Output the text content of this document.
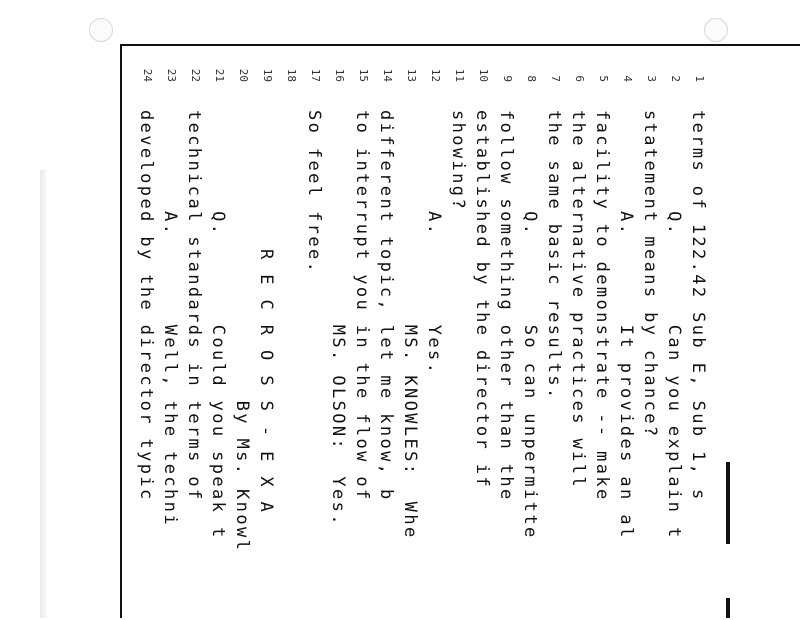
1
terms of 122.42 Sub E, Sub 1, s
2
Q.       Can you explain t
3
statement means by chance?
4
A.       It provides an al
5
facility to demonstrate -- make
6
the alternative practices will
7
the same basic results.
8
Q.       So can unpermitte
9
follow something other than the
10
established by the director if
11
showing?
12
A.       Yes.
13
MS. KNOWLES:  Whe
14
different topic, let me know, b
15
to interrupt you in the flow of
16
MS. OLSON:  Yes.
17
So feel free.
18
19
R E C R O S S - E X A
20
By Ms. Knowl
21
Q.       Could you speak t
22
technical standards in terms of
23
A.       Well, the techni
24
developed by the director typic
